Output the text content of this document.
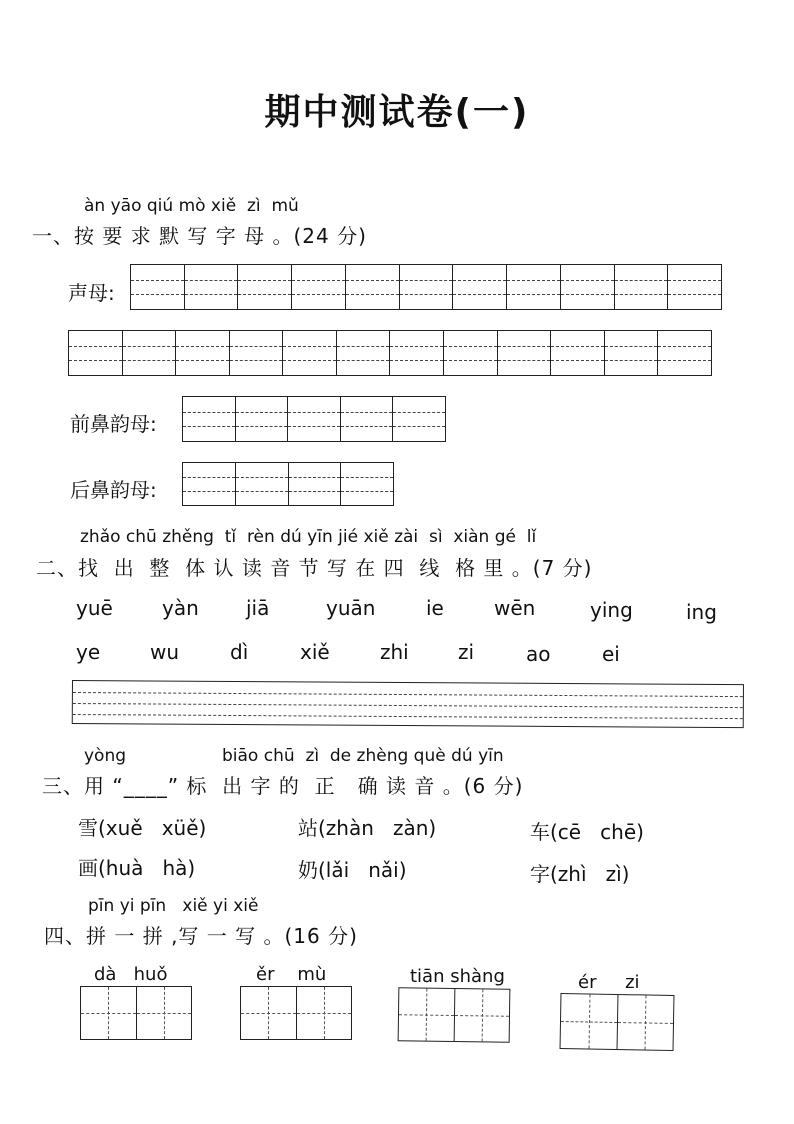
期中测试卷(一)
àn yāo qiú mò xiě  zì  mǔ
一、按 要 求 默 写 字 母 。(24 分)
声母:
前鼻韵母:
后鼻韵母:
zhǎo chū zhěng  tǐ  rèn dú yīn jié xiě zài  sì  xiàn gé  lǐ
二、找  出  整  体 认 读 音 节 写 在 四  线  格 里 。(7 分)
yuē yàn jiā	yuān	ie	wēn	ying	ing
ye wu	dì	xiě	zhi zi	ao	ei
yòng	biāo chū  zì  de zhèng què dú yīn
三、用 “____” 标  出 字 的  正   确 读 音 。(6 分)
雪(xuě   xüě)	站(zhàn   zàn)	车(cē   chē)
画(huà   hà)	奶(lǎi   nǎi)	字(zhì   zì)
pīn yi pīn   xiě yi xiě
四、拼 一 拼 ,写 一 写 。(16 分)
dà   huǒ	ěr    mù	tiān shàng	ér     zi
